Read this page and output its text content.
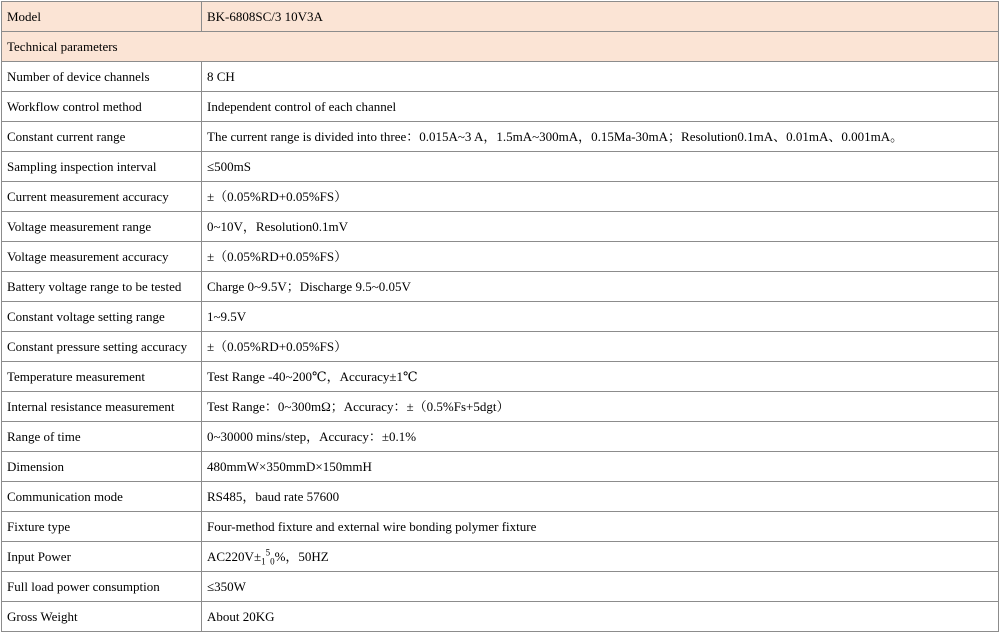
Model	BK-6808SC/3 10V3A
Technical parameters	
Number of device channels	8 CH
Workflow control method	Independent control of each channel
Constant current range	The current range is divided into three：0.015A~3 A，1.5mA~300mA，0.15Ma-30mA；Resolution0.1mA、0.01mA、0.001mA。
Sampling inspection interval	≤500mS
Current measurement accuracy	±（0.05%RD+0.05%FS）
Voltage measurement range	0~10V，Resolution0.1mV
Voltage measurement accuracy	±（0.05%RD+0.05%FS）
Battery voltage range to be tested	Charge 0~9.5V；Discharge 9.5~0.05V
Constant voltage setting range	1~9.5V
Constant pressure setting accuracy	±（0.05%RD+0.05%FS）
Temperature measurement	Test Range -40~200℃，Accuracy±1℃
Internal resistance measurement	Test Range：0~300mΩ；Accuracy：±（0.5%Fs+5dgt）
Range of time	0~30000 mins/step，Accuracy：±0.1%
Dimension	480mmW×350mmD×150mmH
Communication mode	RS485，baud rate 57600
Fixture type	Four-method fixture and external wire bonding polymer fixture
Input Power	$AC220V\pm_1^5_0\%$，50HZ
Full load power consumption	≤350W
Gross Weight	About 20KG
